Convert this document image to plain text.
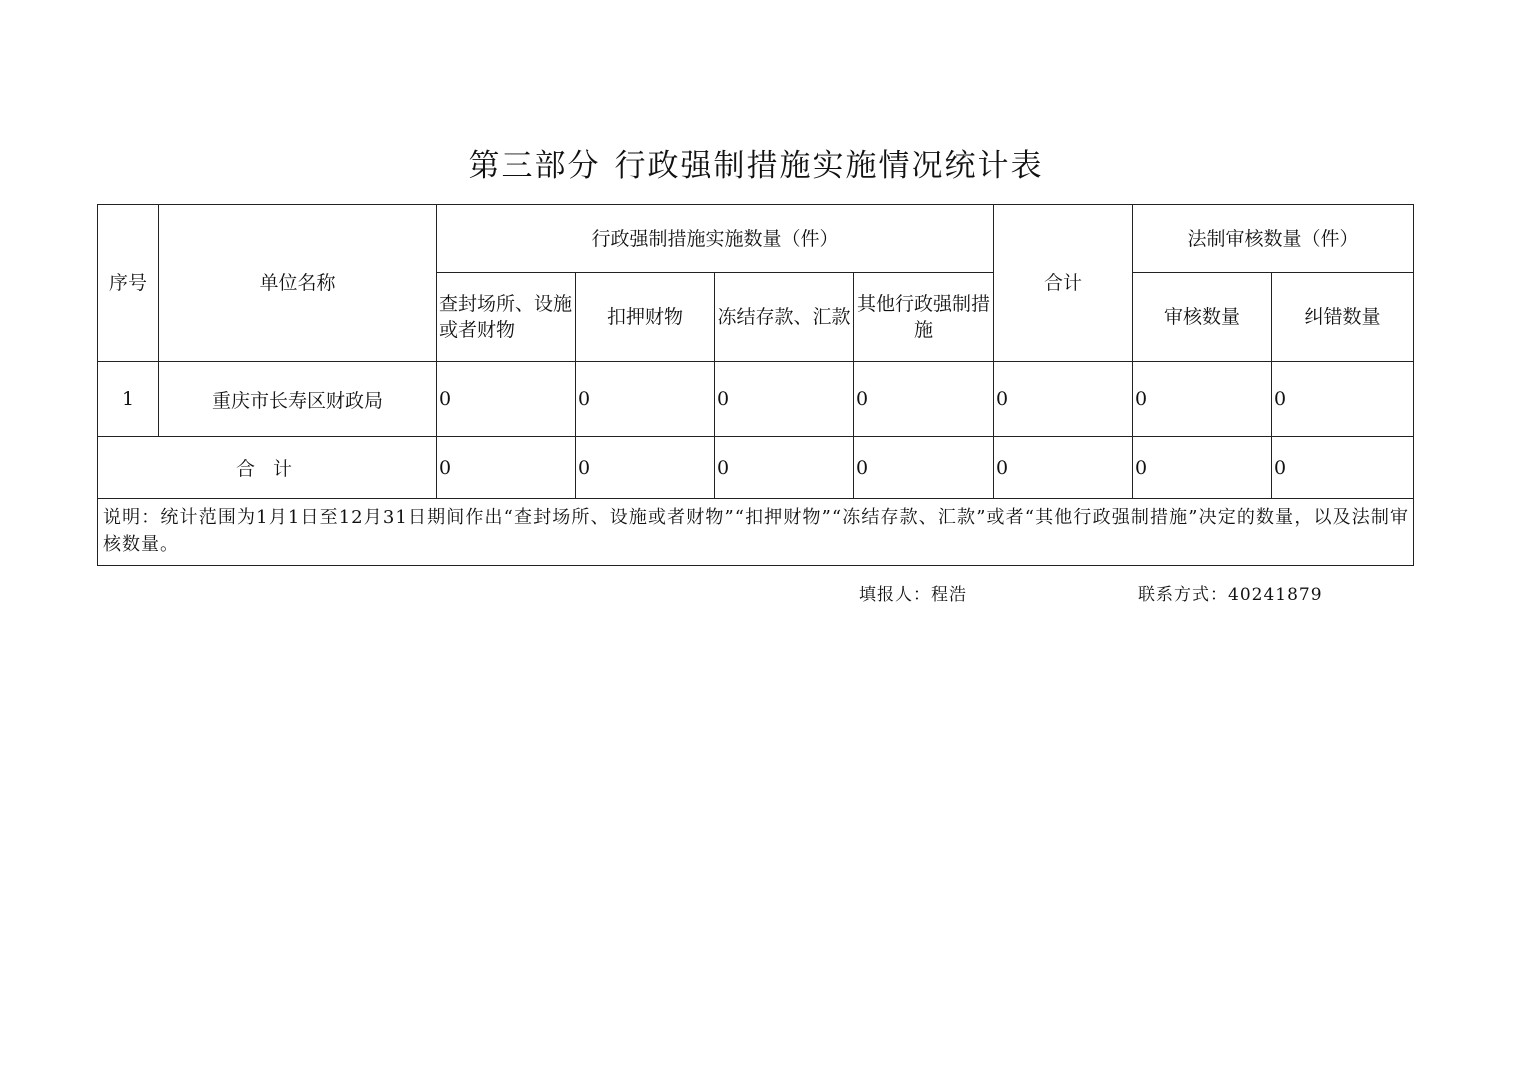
第三部分 行政强制措施实施情况统计表
序号	单位名称	行政强制措施实施数量（件）				合计	法制审核数量（件）	
		查封场所、设施或者财物	扣押财物	冻结存款、汇款	其他行政强制措施		审核数量	纠错数量
1	重庆市长寿区财政局	0	0	0	0	0	0	0
合 计		0	0	0	0	0	0	0
说明：统计范围为1月1日至12月31日期间作出“查封场所、设施或者财物”“扣押财物”“冻结存款、汇款”或者“其他行政强制措施”决定的数量，以及法制审核数量。								
填报人：程浩	联系方式：40241879
